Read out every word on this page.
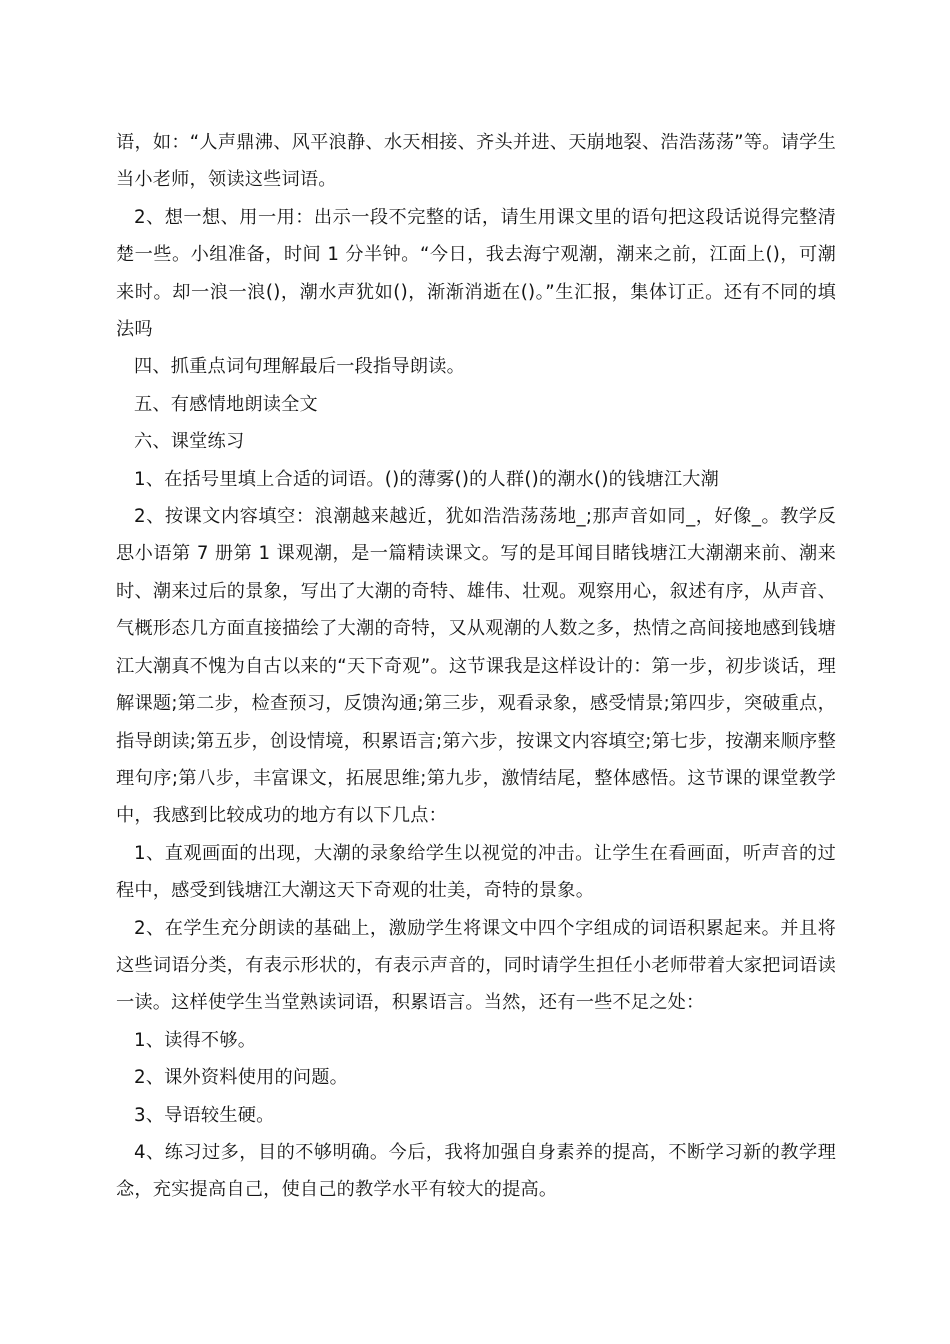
语，如：“人声鼎沸、风平浪静、水天相接、齐头并进、天崩地裂、浩浩荡荡”等。请学生当小老师，领读这些词语。

2、想一想、用一用：出示一段不完整的话，请生用课文里的语句把这段话说得完整清楚一些。小组准备，时间 1 分半钟。“今日，我去海宁观潮，潮来之前，江面上()，可潮来时。却一浪一浪()，潮水声犹如()，渐渐消逝在()。”生汇报，集体订正。还有不同的填法吗

四、抓重点词句理解最后一段指导朗读。

五、有感情地朗读全文

六、课堂练习

1、在括号里填上合适的词语。()的薄雾()的人群()的潮水()的钱塘江大潮

2、按课文内容填空：浪潮越来越近，犹如浩浩荡荡地_;那声音如同_，好像_。教学反思小语第 7 册第 1 课观潮，是一篇精读课文。写的是耳闻目睹钱塘江大潮潮来前、潮来时、潮来过后的景象，写出了大潮的奇特、雄伟、壮观。观察用心，叙述有序，从声音、气概形态几方面直接描绘了大潮的奇特，又从观潮的人数之多，热情之高间接地感到钱塘江大潮真不愧为自古以来的“天下奇观”。这节课我是这样设计的：第一步，初步谈话，理解课题;第二步，检查预习，反馈沟通;第三步，观看录象，感受情景;第四步，突破重点，指导朗读;第五步，创设情境，积累语言;第六步，按课文内容填空;第七步，按潮来顺序整理句序;第八步，丰富课文，拓展思维;第九步，激情结尾，整体感悟。这节课的课堂教学中，我感到比较成功的地方有以下几点：

1、直观画面的出现，大潮的录象给学生以视觉的冲击。让学生在看画面，听声音的过程中，感受到钱塘江大潮这天下奇观的壮美，奇特的景象。

2、在学生充分朗读的基础上，激励学生将课文中四个字组成的词语积累起来。并且将这些词语分类，有表示形状的，有表示声音的，同时请学生担任小老师带着大家把词语读一读。这样使学生当堂熟读词语，积累语言。当然，还有一些不足之处：

1、读得不够。

2、课外资料使用的问题。

3、导语较生硬。

4、练习过多，目的不够明确。今后，我将加强自身素养的提高，不断学习新的教学理念，充实提高自己，使自己的教学水平有较大的提高。
